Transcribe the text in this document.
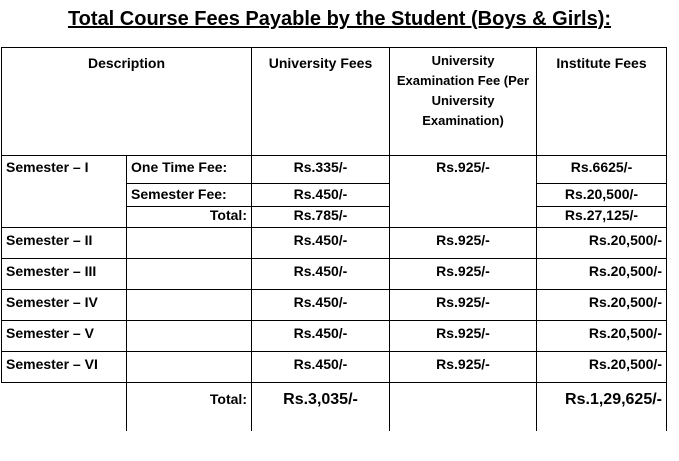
Total Course Fees Payable by the Student (Boys & Girls):
Description		University Fees	University Examination Fee (Per University Examination)	Institute Fees
Semester – I	One Time Fee:	Rs.335/-	Rs.925/-	Rs.6625/-
	Semester Fee:	Rs.450/-		Rs.20,500/-
	Total:	Rs.785/-		Rs.27,125/-
Semester – II		Rs.450/-	Rs.925/-	Rs.20,500/-
Semester – III		Rs.450/-	Rs.925/-	Rs.20,500/-
Semester – IV		Rs.450/-	Rs.925/-	Rs.20,500/-
Semester – V		Rs.450/-	Rs.925/-	Rs.20,500/-
Semester – VI		Rs.450/-	Rs.925/-	Rs.20,500/-
	Total:	Rs.3,035/-		Rs.1,29,625/-
